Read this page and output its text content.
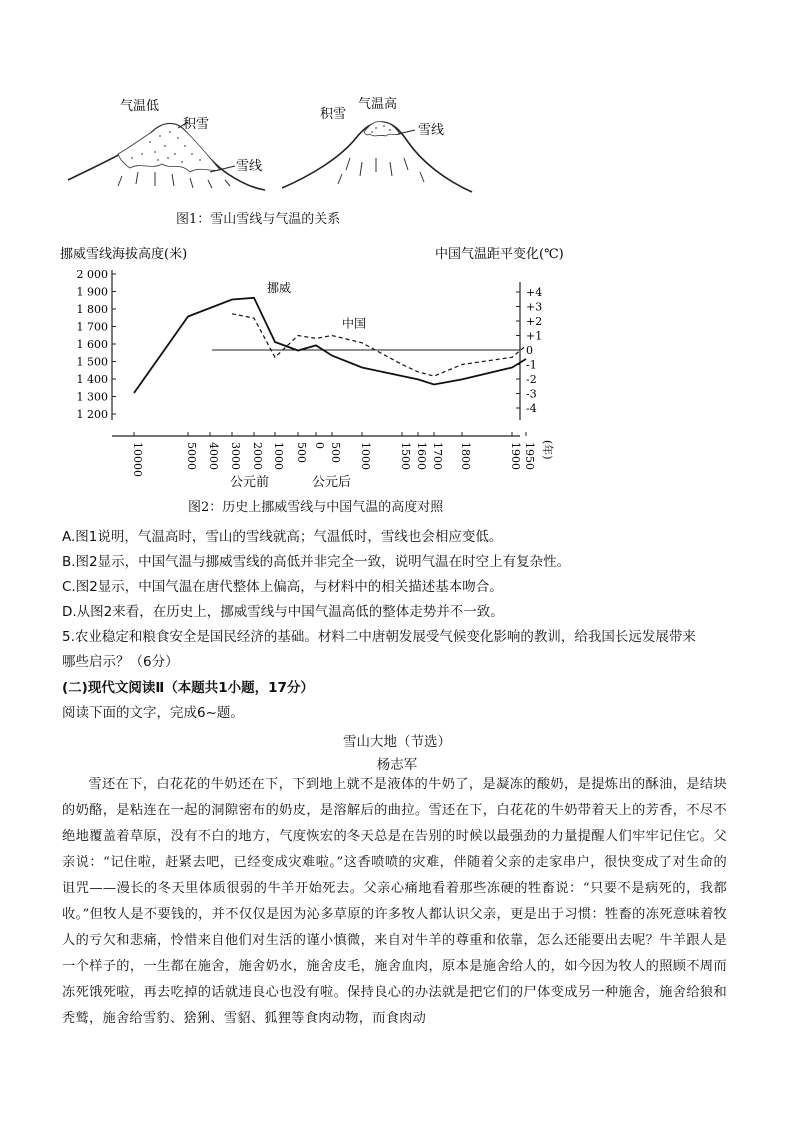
气温低
积雪
雪线
气温高
积雪
雪线
图1：雪山雪线与气温的关系
挪威雪线海拔高度(米)	中国气温距平变化(℃)
2 000
1 900
1 800
1 700
1 600
1 500
1 400
1 300
1 200
+4
+3
+2
+1
0
-1
-2
-3
-4
10000	5000 4000 3000 2000 1000 500 0 500 1000 1500 1600 1700 1800	1900 1950 (年)
公元前	公元后
挪威
中国
图2：历史上挪威雪线与中国气温的高度对照
A.图1说明，气温高时，雪山的雪线就高；气温低时，雪线也会相应变低。
B.图2显示，中国气温与挪威雪线的高低并非完全一致，说明气温在时空上有复杂性。
C.图2显示，中国气温在唐代整体上偏高，与材料中的相关描述基本吻合。
D.从图2来看，在历史上，挪威雪线与中国气温高低的整体走势并不一致。
5.农业稳定和粮食安全是国民经济的基础。材料二中唐朝发展受气候变化影响的教训，给我国长远发展带来
哪些启示？（6分）
(二)现代文阅读Ⅱ（本题共1小题，17分）
阅读下面的文字，完成6~题。
雪山大地（节选）
杨志军
雪还在下，白花花的牛奶还在下，下到地上就不是液体的牛奶了，是凝冻的酸奶，是提炼出的酥油，是结块的奶酪，是粘连在一起的洞隙密布的奶皮，是溶解后的曲拉。雪还在下，白花花的牛奶带着天上的芳香，不尽不绝地覆盖着草原，没有不白的地方，气度恢宏的冬天总是在告别的时候以最强劲的力量提醒人们牢牢记住它。父亲说：“记住啦，赶紧去吧，已经变成灾难啦。”这香喷喷的灾难，伴随着父亲的走家串户，很快变成了对生命的诅咒——漫长的冬天里体质很弱的牛羊开始死去。父亲心痛地看着那些冻硬的牲畜说：“只要不是病死的，我都收。”但牧人是不要钱的，并不仅仅是因为沁多草原的许多牧人都认识父亲，更是出于习惯：牲畜的冻死意味着牧人的亏欠和悲痛，怜惜来自他们对生活的谨小慎微，来自对牛羊的尊重和依靠，怎么还能要出去呢？牛羊跟人是一个样子的，一生都在施舍，施舍奶水，施舍皮毛，施舍血肉，原本是施舍给人的，如今因为牧人的照顾不周而冻死饿死啦，再去吃掉的话就违良心也没有啦。保持良心的办法就是把它们的尸体变成另一种施舍，施舍给狼和秃鹫，施舍给雪豹、猞猁、雪貂、狐狸等食肉动物，而食肉动
